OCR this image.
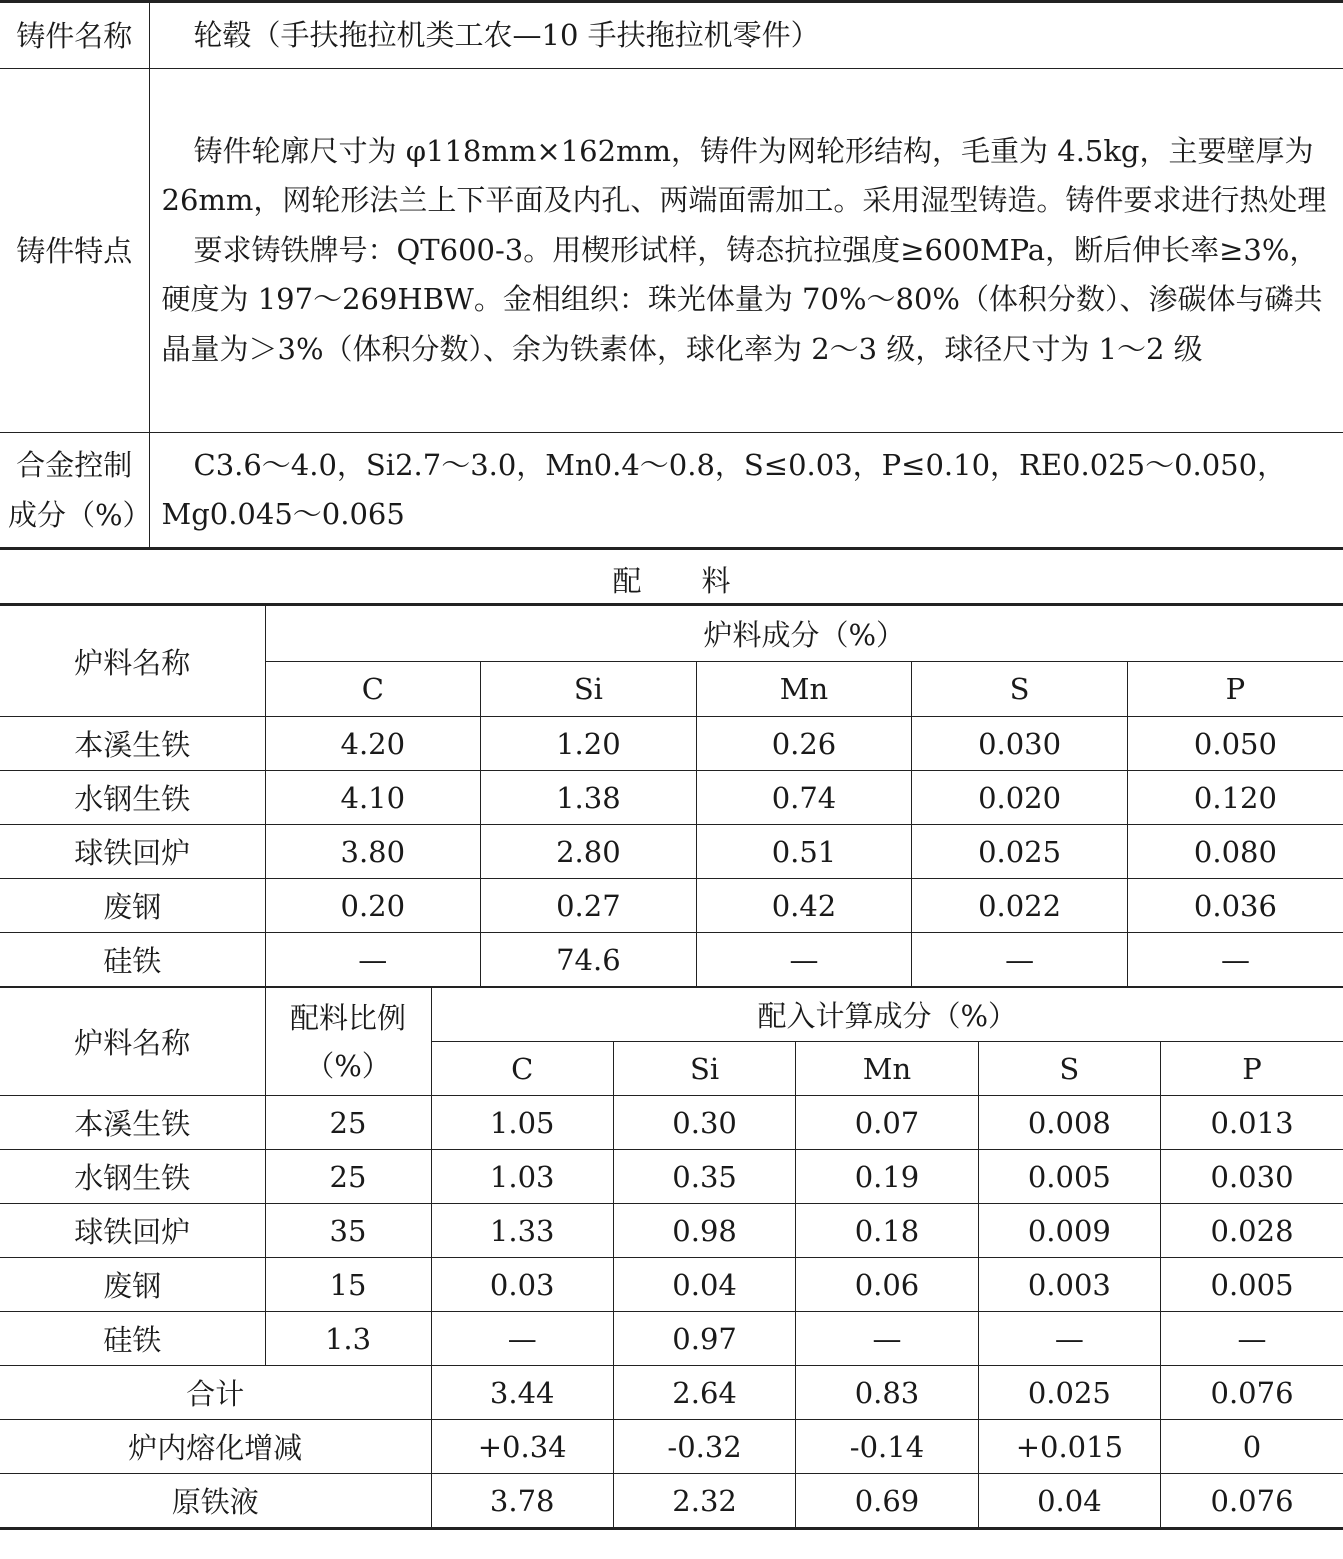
铸件名称	轮毂（手扶拖拉机类工农—10 手扶拖拉机零件）
铸件特点	铸件轮廓尺寸为 φ118mm×162mm，铸件为网轮形结构，毛重为 4.5kg，主要壁厚为 26mm，网轮形法兰上下平面及内孔、两端面需加工。采用湿型铸造。铸件要求进行热处理

要求铸铁牌号：QT600-3。用楔形试样，铸态抗拉强度≥600MPa，断后伸长率≥3%，硬度为 197～269HBW。金相组织：珠光体量为 70%～80%（体积分数）、渗碳体与磷共晶量为＞3%（体积分数）、余为铁素体，球化率为 2～3 级，球径尺寸为 1～2 级

合金控制成分（%）	C3.6～4.0，Si2.7～3.0，Mn0.4～0.8，S≤0.03，P≤0.10，RE0.025～0.050，Mg0.045～0.065

配料
炉料名称	炉料成分（%）				
	C	Si	Mn	S	P
本溪生铁	4.20	1.20	0.26	0.030	0.050
水钢生铁	4.10	1.38	0.74	0.020	0.120
球铁回炉	3.80	2.80	0.51	0.025	0.080
废钢	0.20	0.27	0.42	0.022	0.036
硅铁	—	74.6	—	—	—
炉料名称	配料比例（%）	配入计算成分（%）				
		C	Si	Mn	S	P
本溪生铁	25	1.05	0.30	0.07	0.008	0.013
水钢生铁	25	1.03	0.35	0.19	0.005	0.030
球铁回炉	35	1.33	0.98	0.18	0.009	0.028
废钢	15	0.03	0.04	0.06	0.003	0.005
硅铁	1.3	—	0.97	—	—	—
合计		3.44	2.64	0.83	0.025	0.076
炉内熔化增减		+0.34	-0.32	-0.14	+0.015	0
原铁液		3.78	2.32	0.69	0.04	0.076
